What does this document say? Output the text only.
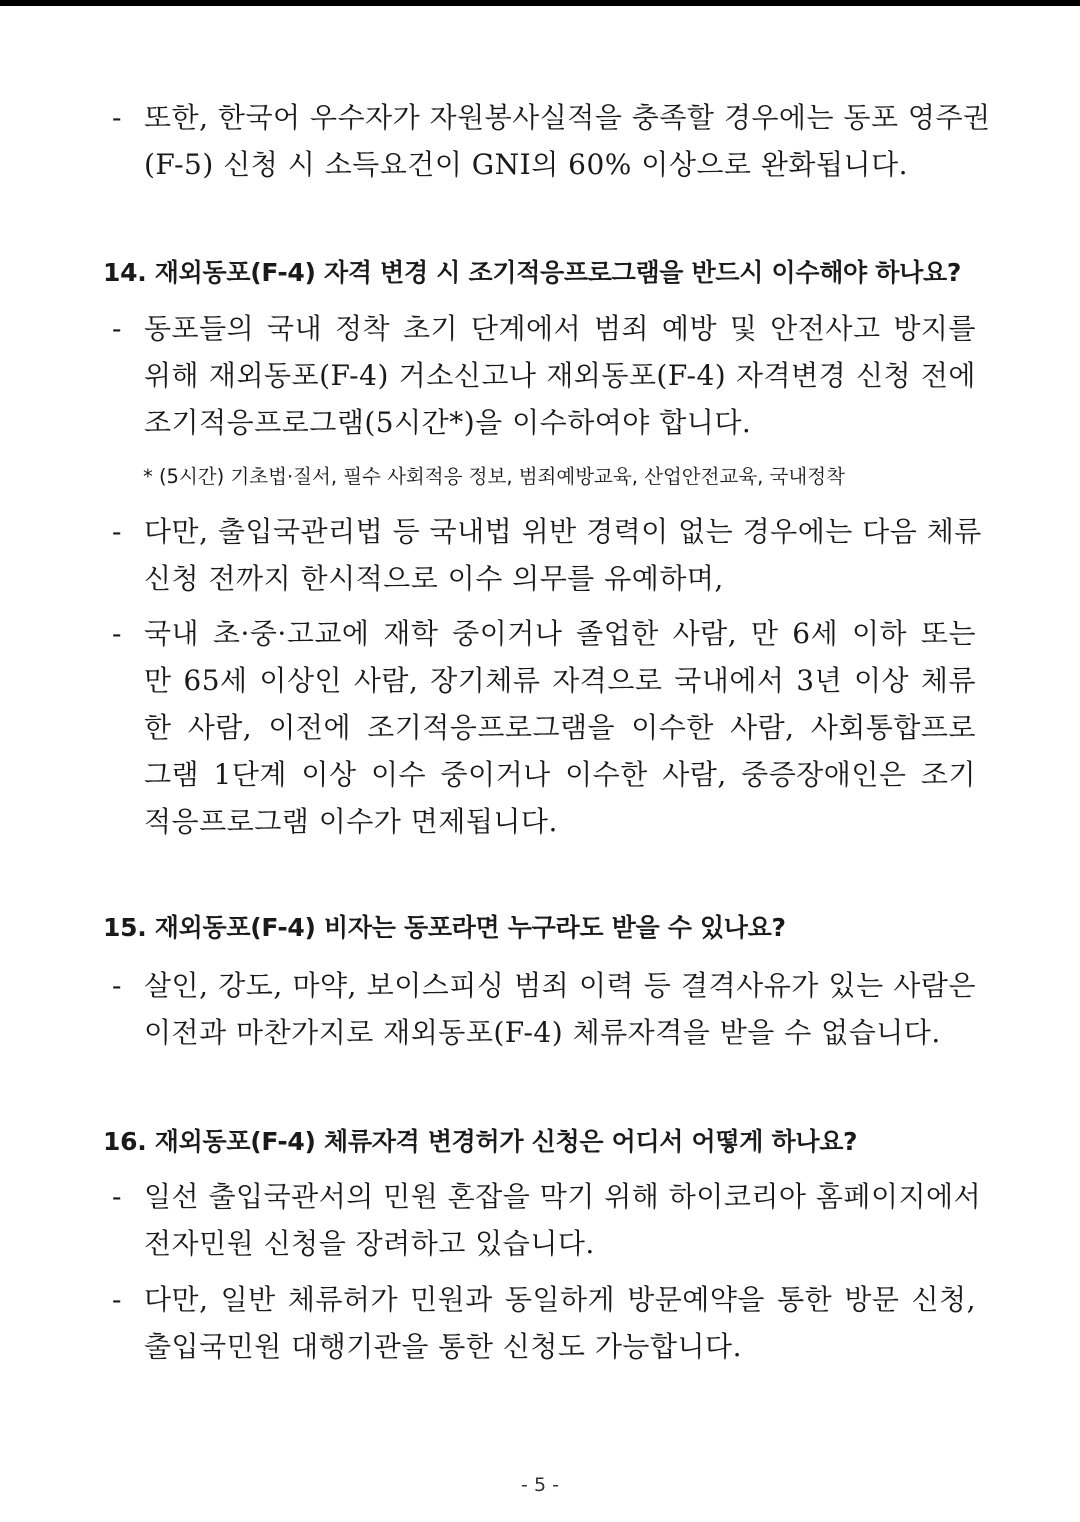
- 또한, 한국어 우수자가 자원봉사실적을 충족할 경우에는 동포 영주권
(F-5) 신청 시 소득요건이 GNI의 60% 이상으로 완화됩니다.
14. 재외동포(F-4) 자격 변경 시 조기적응프로그램을 반드시 이수해야 하나요?
- 동포들의 국내 정착 초기 단계에서 범죄 예방 및 안전사고 방지를
위해 재외동포(F-4) 거소신고나 재외동포(F-4) 자격변경 신청 전에
조기적응프로그램(5시간*)을 이수하여야 합니다.
* (5시간) 기초법·질서, 필수 사회적응 정보, 범죄예방교육, 산업안전교육, 국내정착
- 다만, 출입국관리법 등 국내법 위반 경력이 없는 경우에는 다음 체류
신청 전까지 한시적으로 이수 의무를 유예하며,
- 국내 초·중·고교에 재학 중이거나 졸업한 사람, 만 6세 이하 또는
만 65세 이상인 사람, 장기체류 자격으로 국내에서 3년 이상 체류
한 사람, 이전에 조기적응프로그램을 이수한 사람, 사회통합프로
그램 1단계 이상 이수 중이거나 이수한 사람, 중증장애인은 조기
적응프로그램 이수가 면제됩니다.
15. 재외동포(F-4) 비자는 동포라면 누구라도 받을 수 있나요?
- 살인, 강도, 마약, 보이스피싱 범죄 이력 등 결격사유가 있는 사람은
이전과 마찬가지로 재외동포(F-4) 체류자격을 받을 수 없습니다.
16. 재외동포(F-4) 체류자격 변경허가 신청은 어디서 어떻게 하나요?
- 일선 출입국관서의 민원 혼잡을 막기 위해 하이코리아 홈페이지에서
전자민원 신청을 장려하고 있습니다.
- 다만, 일반 체류허가 민원과 동일하게 방문예약을 통한 방문 신청,
출입국민원 대행기관을 통한 신청도 가능합니다.
- 5 -
